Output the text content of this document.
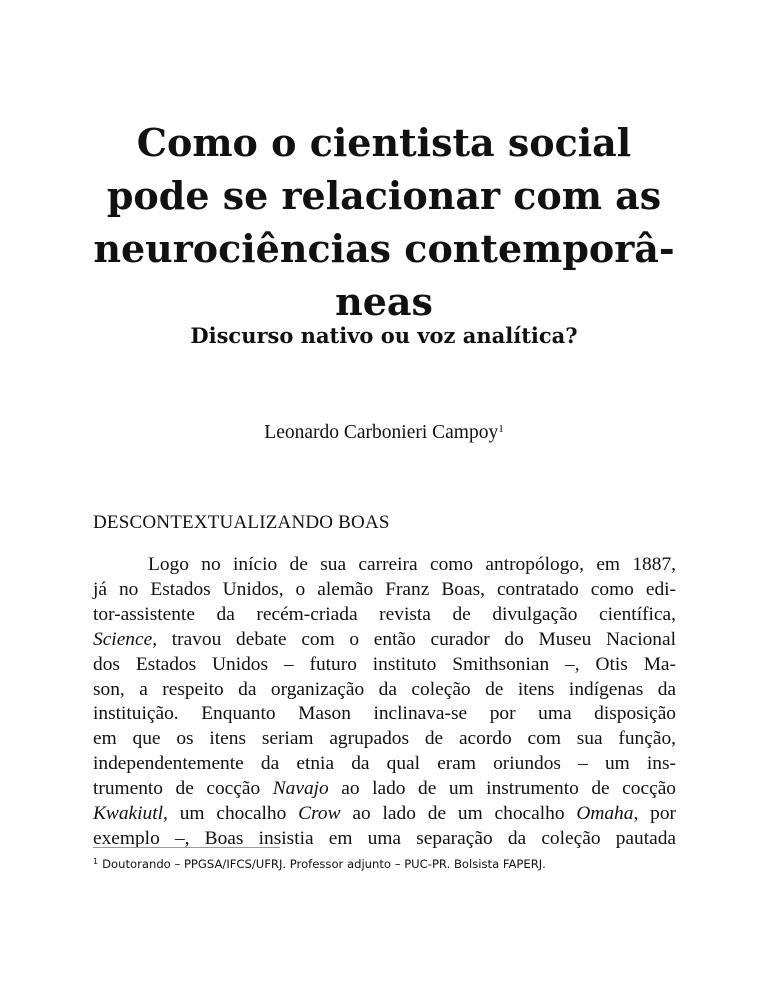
Como o cientista social
pode se relacionar com as
neurociências contemporâ-
neas
Discurso nativo ou voz analítica?
Leonardo Carbonieri Campoy$^1$
DESCONTEXTUALIZANDO BOAS
Logo no início de sua carreira como antropólogo, em 1887,
já no Estados Unidos, o alemão Franz Boas, contratado como edi-
tor-assistente da recém-criada revista de divulgação científica,
Science, travou debate com o então curador do Museu Nacional
dos Estados Unidos – futuro instituto Smithsonian –, Otis Ma-
son, a respeito da organização da coleção de itens indígenas da
instituição. Enquanto Mason inclinava-se por uma disposição
em que os itens seriam agrupados de acordo com sua função,
independentemente da etnia da qual eram oriundos – um ins-
trumento de cocção Navajo ao lado de um instrumento de cocção
Kwakiutl, um chocalho Crow ao lado de um chocalho Omaha, por
exemplo –, Boas insistia em uma separação da coleção pautada
$^1$ Doutorando – PPGSA/IFCS/UFRJ. Professor adjunto – PUC-PR. Bolsista FAPERJ.
